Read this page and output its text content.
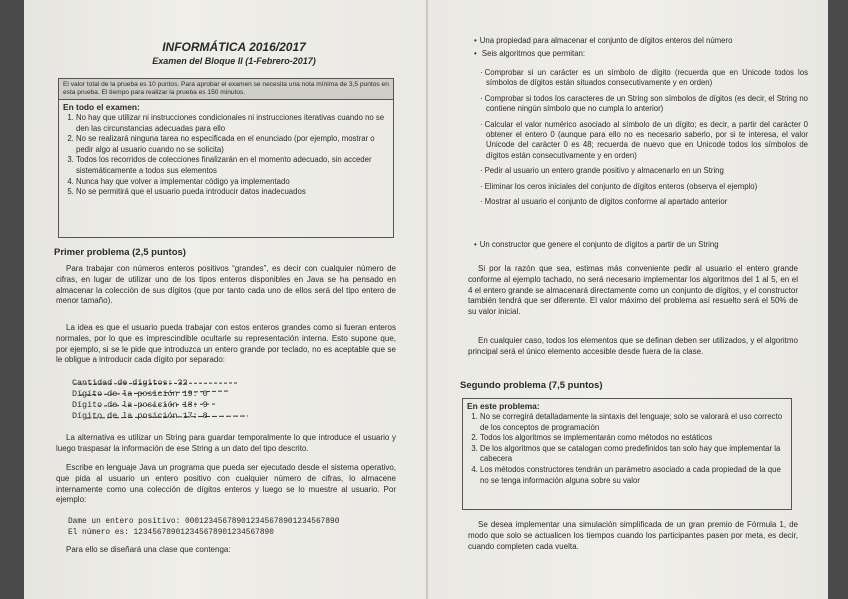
INFORMÁTICA 2016/2017
Examen del Bloque II (1-Febrero-2017)
El valor total de la prueba es 10 puntos. Para aprobar el examen se necesita una nota mínima de 3,5 puntos en esta prueba. El tiempo para realizar la prueba es 150 minutos.
En todo el examen:
1. No hay que utilizar ni instrucciones condicionales ni instrucciones iterativas cuando no se den las circunstancias adecuadas para ello
2. No se realizará ninguna tarea no especificada en el enunciado (por ejemplo, mostrar o pedir algo al usuario cuando no se solicita)
3. Todos los recorridos de colecciones finalizarán en el momento adecuado, sin acceder sistemáticamente a todos sus elementos
4. Nunca hay que volver a implementar código ya implementado
5. No se permitirá que el usuario pueda introducir datos inadecuados
Primer problema (2,5 puntos)
Para trabajar con números enteros positivos “grandes”, es decir con cualquier número de cifras, en lugar de utilizar uno de los tipos enteros disponibles en Java se ha pensado en almacenar la colección de sus dígitos (que por tanto cada uno de ellos será del tipo entero de menor tamaño).
La idea es que el usuario pueda trabajar con estos enteros grandes como si fueran enteros normales, por lo que es imprescindible ocultarle su representación interna. Esto supone que, por ejemplo, si se le pide que introduzca un entero grande por teclado, no es aceptable que se le obligue a introducir cada dígito por separado:
Cantidad de dígitos: 32
Dígito de la posición 19: 0
Dígito de la posición 18: 9
Dígito de la posición 17: 8
La alternativa es utilizar un String para guardar temporalmente lo que introduce el usuario y luego traspasar la información de ese String a un dato del tipo descrito.
Escribe en lenguaje Java un programa que pueda ser ejecutado desde el sistema operativo, que pida al usuario un entero positivo con cualquier número de cifras, lo almacene internamente como una colección de dígitos enteros y luego se lo muestre al usuario. Por ejemplo:
Dame un entero positivo: 000123456789012345678901234567890
El número es: 123456789012345678901234567890
Para ello se diseñará una clase que contenga:
• Una propiedad para almacenar el conjunto de dígitos enteros del número
• Seis algoritmos que permitan:
· Comprobar si un carácter es un símbolo de dígito (recuerda que en Unicode todos los símbolos de dígitos están situados consecutivamente y en orden)
· Comprobar si todos los caracteres de un String son símbolos de dígitos (es decir, el String no contiene ningún símbolo que no cumpla lo anterior)
· Calcular el valor numérico asociado al símbolo de un dígito; es decir, a partir del carácter 0 obtener el entero 0 (aunque para ello no es necesario saberlo, por si te interesa, el valor Unicode del carácter 0 es 48; recuerda de nuevo que en Unicode todos los símbolos de dígitos están consecutivamente y en orden)
· Pedir al usuario un entero grande positivo y almacenarlo en un String
· Eliminar los ceros iniciales del conjunto de dígitos enteros (observa el ejemplo)
· Mostrar al usuario el conjunto de dígitos conforme al apartado anterior
• Un constructor que genere el conjunto de dígitos a partir de un String
Si por la razón que sea, estimas más conveniente pedir al usuario el entero grande conforme al ejemplo tachado, no será necesario implementar los algoritmos del 1 al 5, en el 4 el entero grande se almacenará directamente como un conjunto de dígitos, y el constructor también tendrá que ser diferente. El valor máximo del problema así resuelto será el 50% de su valor inicial.
En cualquier caso, todos los elementos que se definan deben ser utilizados, y el algoritmo principal será el único elemento accesible desde fuera de la clase.
Segundo problema (7,5 puntos)
En este problema:
1. No se corregirá detalladamente la sintaxis del lenguaje; solo se valorará el uso correcto de los conceptos de programación
2. Todos los algoritmos se implementarán como métodos no estáticos
3. De los algoritmos que se catalogan como predefinidos tan solo hay que implementar la cabecera
4. Los métodos constructores tendrán un parámetro asociado a cada propiedad de la que no se tenga información alguna sobre su valor
Se desea implementar una simulación simplificada de un gran premio de Fórmula 1, de modo que solo se actualicen los tiempos cuando los participantes pasen por meta, es decir, cuando completen cada vuelta.
